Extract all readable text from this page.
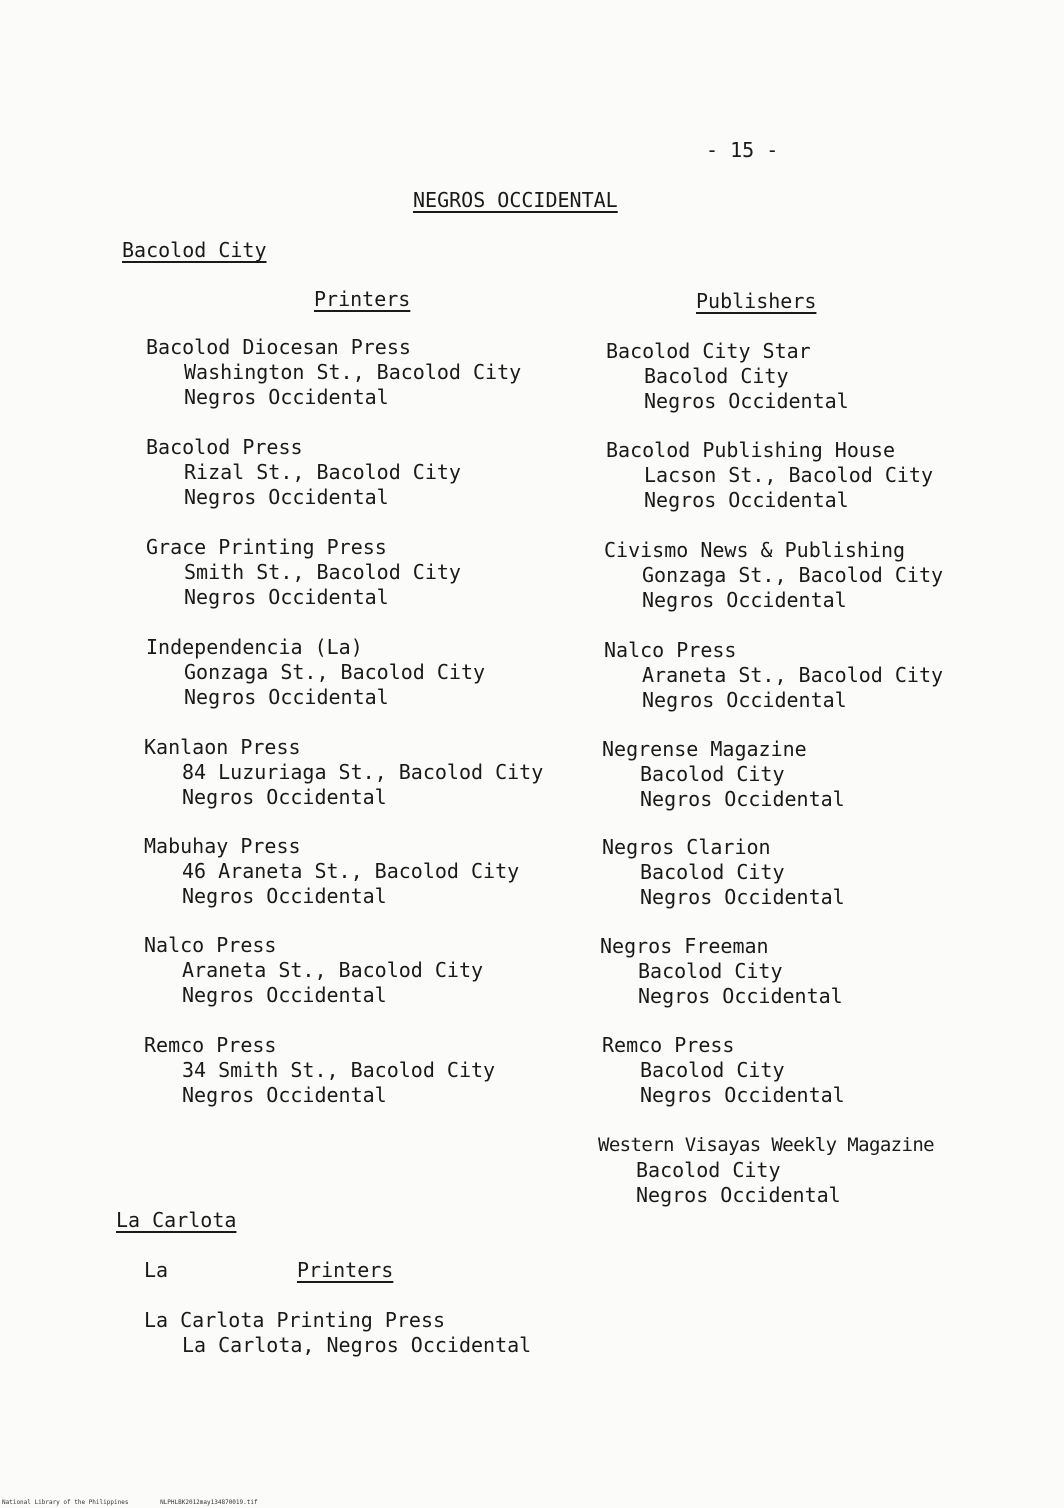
- 15 -
NEGROS OCCIDENTAL
Bacolod City
Printers	Publishers
Bacolod Diocesan Press
Washington St., Bacolod City
Negros Occidental
Bacolod Press
Rizal St., Bacolod City
Negros Occidental
Grace Printing Press
Smith St., Bacolod City
Negros Occidental
Independencia (La)
Gonzaga St., Bacolod City
Negros Occidental
Kanlaon Press
84 Luzuriaga St., Bacolod City
Negros Occidental
Mabuhay Press
46 Araneta St., Bacolod City
Negros Occidental
Nalco Press
Araneta St., Bacolod City
Negros Occidental
Remco Press
34 Smith St., Bacolod City
Negros Occidental
Bacolod City Star
Bacolod City
Negros Occidental
Bacolod Publishing House
Lacson St., Bacolod City
Negros Occidental
Civismo News & Publishing
Gonzaga St., Bacolod City
Negros Occidental
Nalco Press
Araneta St., Bacolod City
Negros Occidental
Negrense Magazine
Bacolod City
Negros Occidental
Negros Clarion
Bacolod City
Negros Occidental
Negros Freeman
Bacolod City
Negros Occidental
Remco Press
Bacolod City
Negros Occidental
Western Visayas Weekly Magazine
Bacolod City
Negros Occidental
La Carlota
La	Printers
La Carlota Printing Press
La Carlota, Negros Occidental
National Library of the Philippines	NLPHLBK2012may134870019.tif
